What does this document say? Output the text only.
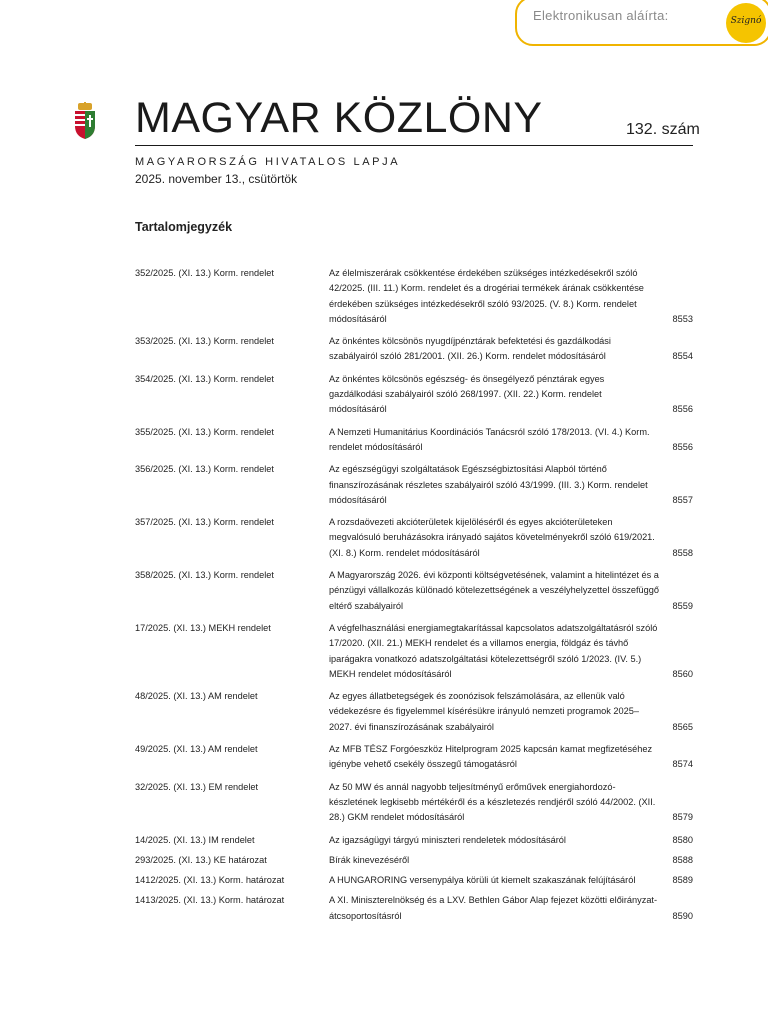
Elektronikusan aláírta:	Szignó
MAGYAR KÖZLÖNY	132. szám
MAGYARORSZÁG HIVATALOS LAPJA
2025. november 13., csütörtök
Tartalomjegyzék
352/2025. (XI. 13.) Korm. rendelet	Az élelmiszerárak csökkentése érdekében szükséges intézkedésekről szóló 42/2025. (III. 11.) Korm. rendelet és a drogériai termékek árának csökkentése érdekében szükséges intézkedésekről szóló 93/2025. (V. 8.) Korm. rendelet módosításáról	8553
353/2025. (XI. 13.) Korm. rendelet	Az önkéntes kölcsönös nyugdíjpénztárak befektetési és gazdálkodási szabályairól szóló 281/2001. (XII. 26.) Korm. rendelet módosításáról	8554
354/2025. (XI. 13.) Korm. rendelet	Az önkéntes kölcsönös egészség- és önsegélyező pénztárak egyes gazdálkodási szabályairól szóló 268/1997. (XII. 22.) Korm. rendelet módosításáról	8556
355/2025. (XI. 13.) Korm. rendelet	A Nemzeti Humanitárius Koordinációs Tanácsról szóló 178/2013. (VI. 4.) Korm. rendelet módosításáról	8556
356/2025. (XI. 13.) Korm. rendelet	Az egészségügyi szolgáltatások Egészségbiztosítási Alapból történő finanszírozásának részletes szabályairól szóló 43/1999. (III. 3.) Korm. rendelet módosításáról	8557
357/2025. (XI. 13.) Korm. rendelet	A rozsdaövezeti akcióterületek kijelöléséről és egyes akcióterületeken megvalósuló beruházásokra irányadó sajátos követelményekről szóló 619/2021. (XI. 8.) Korm. rendelet módosításáról	8558
358/2025. (XI. 13.) Korm. rendelet	A Magyarország 2026. évi központi költségvetésének, valamint a hitelintézet és a pénzügyi vállalkozás különadó kötelezettségének a veszélyhelyzettel összefüggő eltérő szabályairól	8559
17/2025. (XI. 13.) MEKH rendelet	A végfelhasználási energiamegtakarítással kapcsolatos adatszolgáltatásról szóló 17/2020. (XII. 21.) MEKH rendelet és a villamos energia, földgáz és távhő iparágakra vonatkozó adatszolgáltatási kötelezettségről szóló 1/2023. (IV. 5.) MEKH rendelet módosításáról	8560
48/2025. (XI. 13.) AM rendelet	Az egyes állatbetegségek és zoonózisok felszámolására, az ellenük való védekezésre és figyelemmel kísérésükre irányuló nemzeti programok 2025–2027. évi finanszírozásának szabályairól	8565
49/2025. (XI. 13.) AM rendelet	Az MFB TÉSZ Forgóeszköz Hitelprogram 2025 kapcsán kamat megfizetéséhez igénybe vehető csekély összegű támogatásról	8574
32/2025. (XI. 13.) EM rendelet	Az 50 MW és annál nagyobb teljesítményű erőművek energiahordozó-készletének legkisebb mértékéről és a készletezés rendjéről szóló 44/2002. (XII. 28.) GKM rendelet módosításáról	8579
14/2025. (XI. 13.) IM rendelet	Az igazságügyi tárgyú miniszteri rendeletek módosításáról	8580
293/2025. (XI. 13.) KE határozat	Bírák kinevezéséről	8588
1412/2025. (XI. 13.) Korm. határozat	A HUNGARORING versenypálya körüli út kiemelt szakaszának felújításáról	8589
1413/2025. (XI. 13.) Korm. határozat	A XI. Miniszterelnökség és a LXV. Bethlen Gábor Alap fejezet közötti előirányzat-átcsoportosításról	8590
